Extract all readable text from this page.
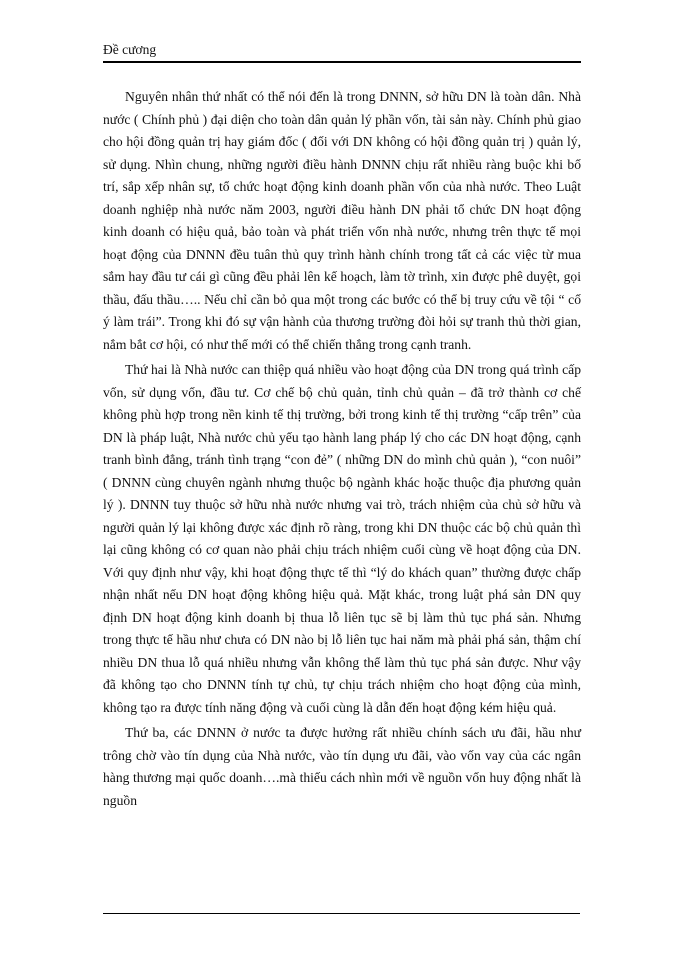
Đề cương

Nguyên nhân thứ nhất có thể nói đến là trong DNNN, sở hữu DN là toàn dân. Nhà nước ( Chính phủ ) đại diện cho toàn dân quản lý phần vốn, tài sản này. Chính phủ giao cho hội đồng quản trị hay giám đốc ( đối với DN không có hội đồng quản trị ) quản lý, sử dụng. Nhìn chung, những người điều hành DNNN chịu rất nhiều ràng buộc khi bố trí, sắp xếp nhân sự, tổ chức hoạt động kinh doanh phần vốn của nhà nước. Theo Luật doanh nghiệp nhà nước năm 2003, người điều hành DN phải tổ chức DN hoạt động kinh doanh có hiệu quả, bảo toàn và phát triển vốn nhà nước, nhưng trên thực tế mọi hoạt động của DNNN đều tuân thủ quy trình hành chính trong tất cả các việc từ mua sắm hay đầu tư cái gì cũng đều phải lên kế hoạch, làm tờ trình, xin được phê duyệt, gọi thầu, đấu thầu….. Nếu chỉ cần bỏ qua một trong các bước có thể bị truy cứu về tội “ cố ý làm trái”. Trong khi đó sự vận hành của thương trường đòi hỏi sự tranh thủ thời gian, nắm bắt cơ hội, có như thế mới có thể chiến thắng trong cạnh tranh.

Thứ hai là Nhà nước can thiệp quá nhiều vào hoạt động của DN trong quá trình cấp vốn, sử dụng vốn, đầu tư. Cơ chế bộ chủ quản, tỉnh chủ quản – đã trở thành cơ chế không phù hợp trong nền kinh tế thị trường, bởi trong kinh tế thị trường “cấp trên” của DN là pháp luật, Nhà nước chủ yếu tạo hành lang pháp lý cho các DN hoạt động, cạnh tranh bình đẳng, tránh tình trạng “con đẻ” ( những DN do mình chủ quản ), “con nuôi” ( DNNN cùng chuyên ngành nhưng thuộc bộ ngành khác hoặc thuộc địa phương quản lý ). DNNN tuy thuộc sở hữu nhà nước nhưng vai trò, trách nhiệm của chủ sở hữu và người quản lý lại không được xác định rõ ràng, trong khi DN thuộc các bộ chủ quản thì lại cũng không có cơ quan nào phải chịu trách nhiệm cuối cùng về hoạt động của DN. Với quy định như vậy, khi hoạt động thực tế thì “lý do khách quan” thường được chấp nhận nhất nếu DN hoạt động không hiệu quả. Mặt khác, trong luật phá sản DN quy định DN hoạt động kinh doanh bị thua lỗ liên tục sẽ bị làm thủ tục phá sản. Nhưng trong thực tế hầu như chưa có DN nào bị lỗ liên tục hai năm mà phải phá sản, thậm chí nhiều DN thua lỗ quá nhiều nhưng vẫn không thể làm thủ tục phá sản được. Như vậy đã không tạo cho DNNN tính tự chủ, tự chịu trách nhiệm cho hoạt động của mình, không tạo ra được tính năng động và cuối cùng là dẫn đến hoạt động kém hiệu quả.

Thứ ba, các DNNN ở nước ta được hưởng rất nhiều chính sách ưu đãi, hầu như trông chờ vào tín dụng của Nhà nước, vào tín dụng ưu đãi, vào vốn vay của các ngân hàng thương mại quốc doanh….mà thiếu cách nhìn mới về nguồn vốn huy động nhất là nguồn
